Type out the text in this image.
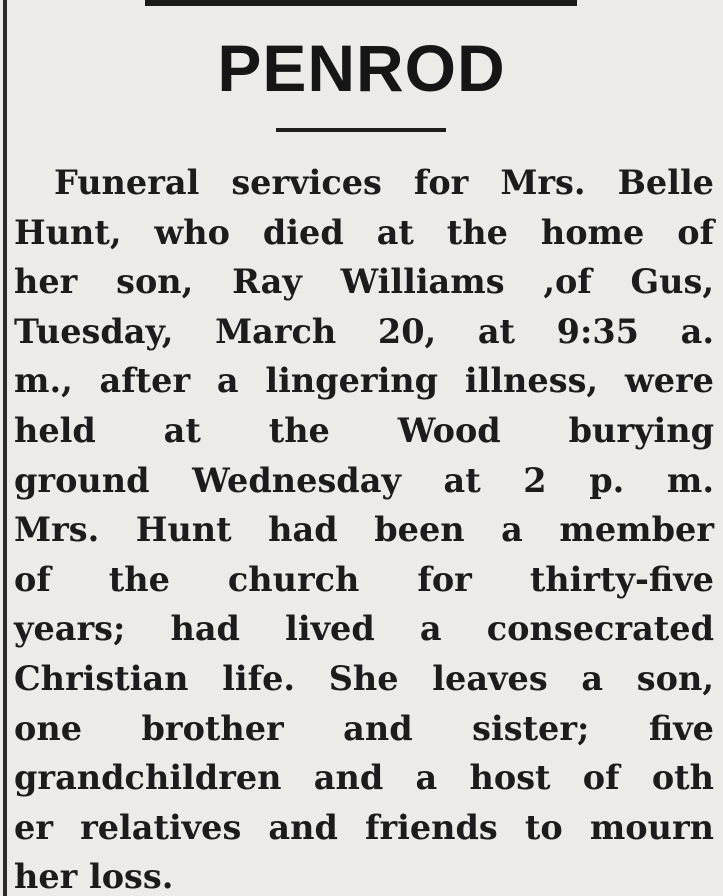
PENROD
Funeral services for Mrs. Belle
Hunt, who died at the home of
her son, Ray Williams ,of Gus,
Tuesday, March 20, at 9:35 a.
m., after a lingering illness, were
held at the Wood burying
ground Wednesday at 2 p. m.
Mrs. Hunt had been a member
of the church for thirty-five
years; had lived a consecrated
Christian life. She leaves a son,
one brother and sister; five
grandchildren and a host of oth
er relatives and friends to mourn
her loss.
